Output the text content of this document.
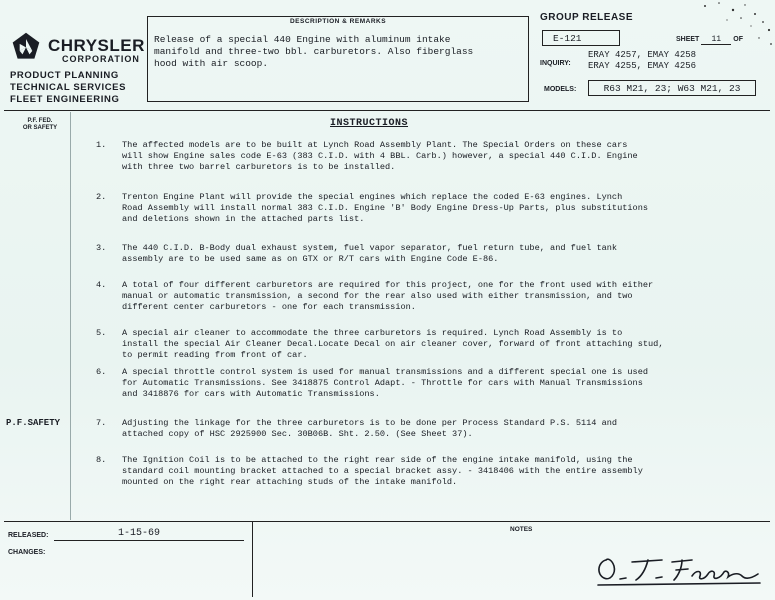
CHRYSLER
CORPORATION
PRODUCT PLANNING
TECHNICAL SERVICES
FLEET ENGINEERING
DESCRIPTION & REMARKS
Release of a special 440 Engine with aluminum intake
manifold and three-two bbl. carburetors. Also fiberglass
hood with air scoop.
GROUP RELEASE
E-121	SHEET 11 OF
INQUIRY:
ERAY 4257, EMAY 4258
ERAY 4255, EMAY 4256
MODELS:	R63 M21, 23; W63 M21, 23
P.F. FED.
OR SAFETY
P.F.SAFETY
INSTRUCTIONS
1.	The affected models are to be built at Lynch Road Assembly Plant. The Special Orders on these cars
will show Engine sales code E-63 (383 C.I.D. with 4 BBL. Carb.) however, a special 440 C.I.D. Engine
with three two barrel carburetors is to be installed.
2.	Trenton Engine Plant will provide the special engines which replace the coded E-63 engines. Lynch
Road Assembly will install normal 383 C.I.D. Engine 'B' Body Engine Dress-Up Parts, plus substitutions
and deletions shown in the attached parts list.
3.	The 440 C.I.D. B-Body dual exhaust system, fuel vapor separator, fuel return tube, and fuel tank
assembly are to be used same as on GTX or R/T cars with Engine Code E-86.
4.	A total of four different carburetors are required for this project, one for the front used with either
manual or automatic transmission, a second for the rear also used with either transmission, and two
different center carburetors - one for each transmission.
5.	A special air cleaner to accommodate the three carburetors is required. Lynch Road Assembly is to
install the special Air Cleaner Decal.Locate Decal on air cleaner cover, forward of front attaching stud,
to permit reading from front of car.
6.	A special throttle control system is used for manual transmissions and a different special one is used
for Automatic Transmissions. See 3418875 Control Adapt. - Throttle for cars with Manual Transmissions
and 3418876 for cars with Automatic Transmissions.
7.	Adjusting the linkage for the three carburetors is to be done per Process Standard P.S. 5114 and
attached copy of HSC 2925900 Sec. 30B06B. Sht. 2.50. (See Sheet 37).
8.	The Ignition Coil is to be attached to the right rear side of the engine intake manifold, using the
standard coil mounting bracket attached to a special bracket assy. - 3418406 with the entire assembly
mounted on the right rear attaching studs of the intake manifold.
RELEASED:	1-15-69
CHANGES:
NOTES
